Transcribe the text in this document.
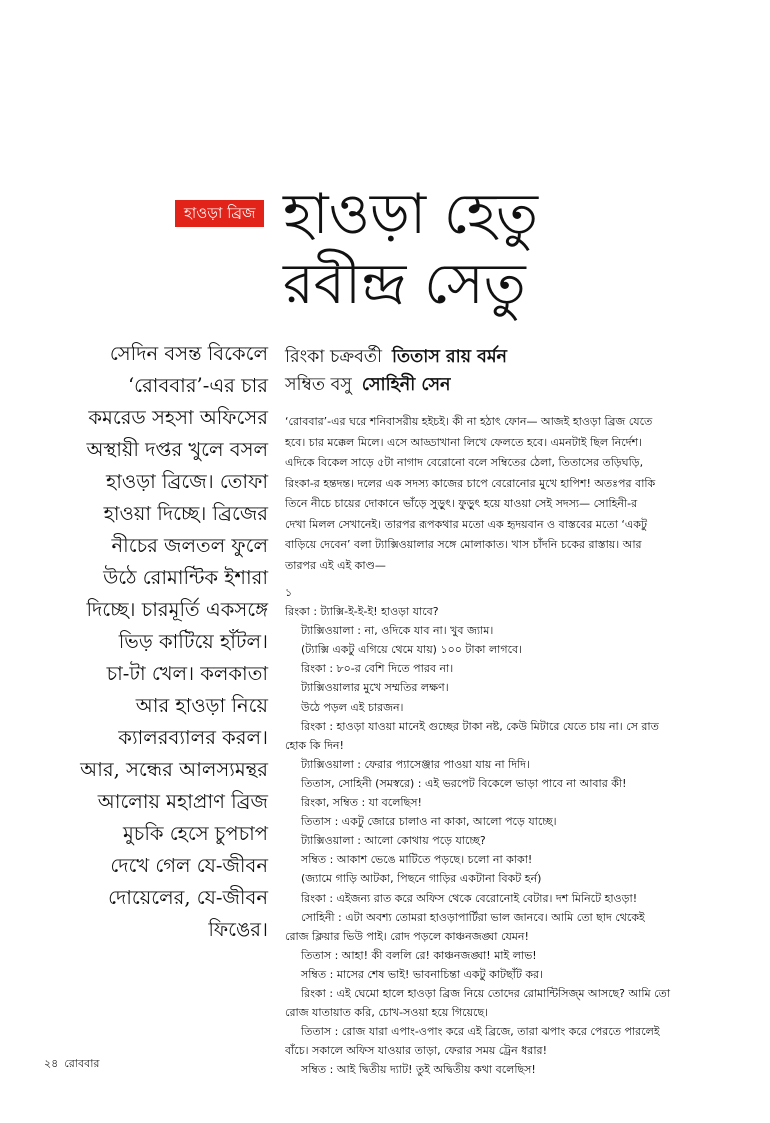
হাওড়া ব্রিজ হাওড়া হেতু
রবীন্দ্র সেতু
সেদিন বসন্ত বিকেলে
‘রোববার’-এর চার
কমরেড সহসা অফিসের
অস্থায়ী দপ্তর খুলে বসল
হাওড়া ব্রিজে। তোফা
হাওয়া দিচ্ছে। ব্রিজের
নীচের জলতল ফুলে
উঠে রোমান্টিক ইশারা
দিচ্ছে। চারমূর্তি একসঙ্গে
ভিড় কাটিয়ে হাঁটল।
চা-টা খেল। কলকাতা
আর হাওড়া নিয়ে
ক্যালরব্যালর করল।
আর, সন্ধের আলস্যমন্থর
আলোয় মহাপ্রাণ ব্রিজ
মুচকি হেসে চুপচাপ
দেখে গেল যে-জীবন
দোয়েলের, যে-জীবন
ফিঙের।
রিংকা চক্রবর্তী তিতাস রায় বর্মন
সম্বিত বসু সোহিনী সেন
‘রোববার’-এর ঘরে শনিবাসরীয় হইচই। কী না হঠাৎ ফোন— আজই হাওড়া ব্রিজ যেতে
হবে। চার মক্কেল মিলে। এসে আড্ডাখানা লিখে ফেলতে হবে। এমনটাই ছিল নির্দেশ।
এদিকে বিকেল সাড়ে ৫টা নাগাদ বেরোনো বলে সম্বিতের ঠেলা, তিতাসের তড়িঘড়ি,
রিংকা-র হন্তদন্ত। দলের এক সদস্য কাজের চাপে বেরোনোর মুখে হাপিশ! অতঃপর বাকি
তিনে নীচে চায়ের দোকানে ভাঁড়ে সুড়ুৎ। ফুড়ুৎ হয়ে যাওয়া সেই সদস্য— সোহিনী-র
দেখা মিলল সেখানেই। তারপর রূপকথার মতো এক হৃদয়বান ও বাস্তবের মতো ‘একটু
বাড়িয়ে দেবেন’ বলা ট্যাক্সিওয়ালার সঙ্গে মোলাকাত। খাস চাঁদনি চকের রাস্তায়। আর
তারপর এই এই কাণ্ড—
১
রিংকা : ট্যাক্সি-ই-ই-ই! হাওড়া যাবে?
ট্যাক্সিওয়ালা : না, ওদিকে যাব না। খুব জ্যাম।
(ট্যাক্সি একটু এগিয়ে থেমে যায়) ১০০ টাকা লাগবে।
রিংকা : ৮০-র বেশি দিতে পারব না।
ট্যাক্সিওয়ালার মুখে সম্মতির লক্ষণ।
উঠে পড়ল এই চারজন।
রিংকা : হাওড়া যাওয়া মানেই গুচ্ছের টাকা নষ্ট, কেউ মিটারে যেতে চায় না। সে রাত
হোক কি দিন!
ট্যাক্সিওয়ালা : ফেরার প্যাসেঞ্জার পাওয়া যায় না দিদি।
তিতাস, সোহিনী (সমস্বরে) : এই ভরপেট বিকেলে ভাড়া পাবে না আবার কী!
রিংকা, সম্বিত : যা বলেছিস!
তিতাস : একটু জোরে চালাও না কাকা, আলো পড়ে যাচ্ছে।
ট্যাক্সিওয়ালা : আলো কোথায় পড়ে যাচ্ছে?
সম্বিত : আকাশ ভেঙে মাটিতে পড়ছে। চলো না কাকা!
(জ্যামে গাড়ি আটকা, পিছনে গাড়ির একটানা বিকট হর্ন)
রিংকা : এইজন্য রাত করে অফিস থেকে বেরোনোই বেটার। দশ মিনিটে হাওড়া!
সোহিনী : এটা অবশ্য তোমরা হাওড়াপার্টিরা ভাল জানবে। আমি তো ছাদ থেকেই
রোজ ক্লিয়ার ভিউ পাই। রোদ পড়লে কাঞ্চনজঙ্ঘা যেমন!
তিতাস : আহা! কী বললি রে! কাঞ্চনজঙ্ঘা! মাই লাভ!
সম্বিত : মাসের শেষ ভাই! ভাবনাচিন্তা একটু কাটছাঁট কর।
রিংকা : এই ঘেমো হালে হাওড়া ব্রিজ নিয়ে তোদের রোমান্টিসিজ্‌ম আসছে? আমি তো
রোজ যাতায়াত করি, চোখ-সওয়া হয়ে গিয়েছে।
তিতাস : রোজ যারা এপাং-ওপাং করে এই ব্রিজে, তারা ঝপাং করে পেরতে পারলেই
বাঁচে। সকালে অফিস যাওয়ার তাড়া, ফেরার সময় ট্রেন ধরার!
সম্বিত : আই দ্বিতীয় দ্যাট! তুই অদ্বিতীয় কথা বলেছিস!
২৪ রোববার
